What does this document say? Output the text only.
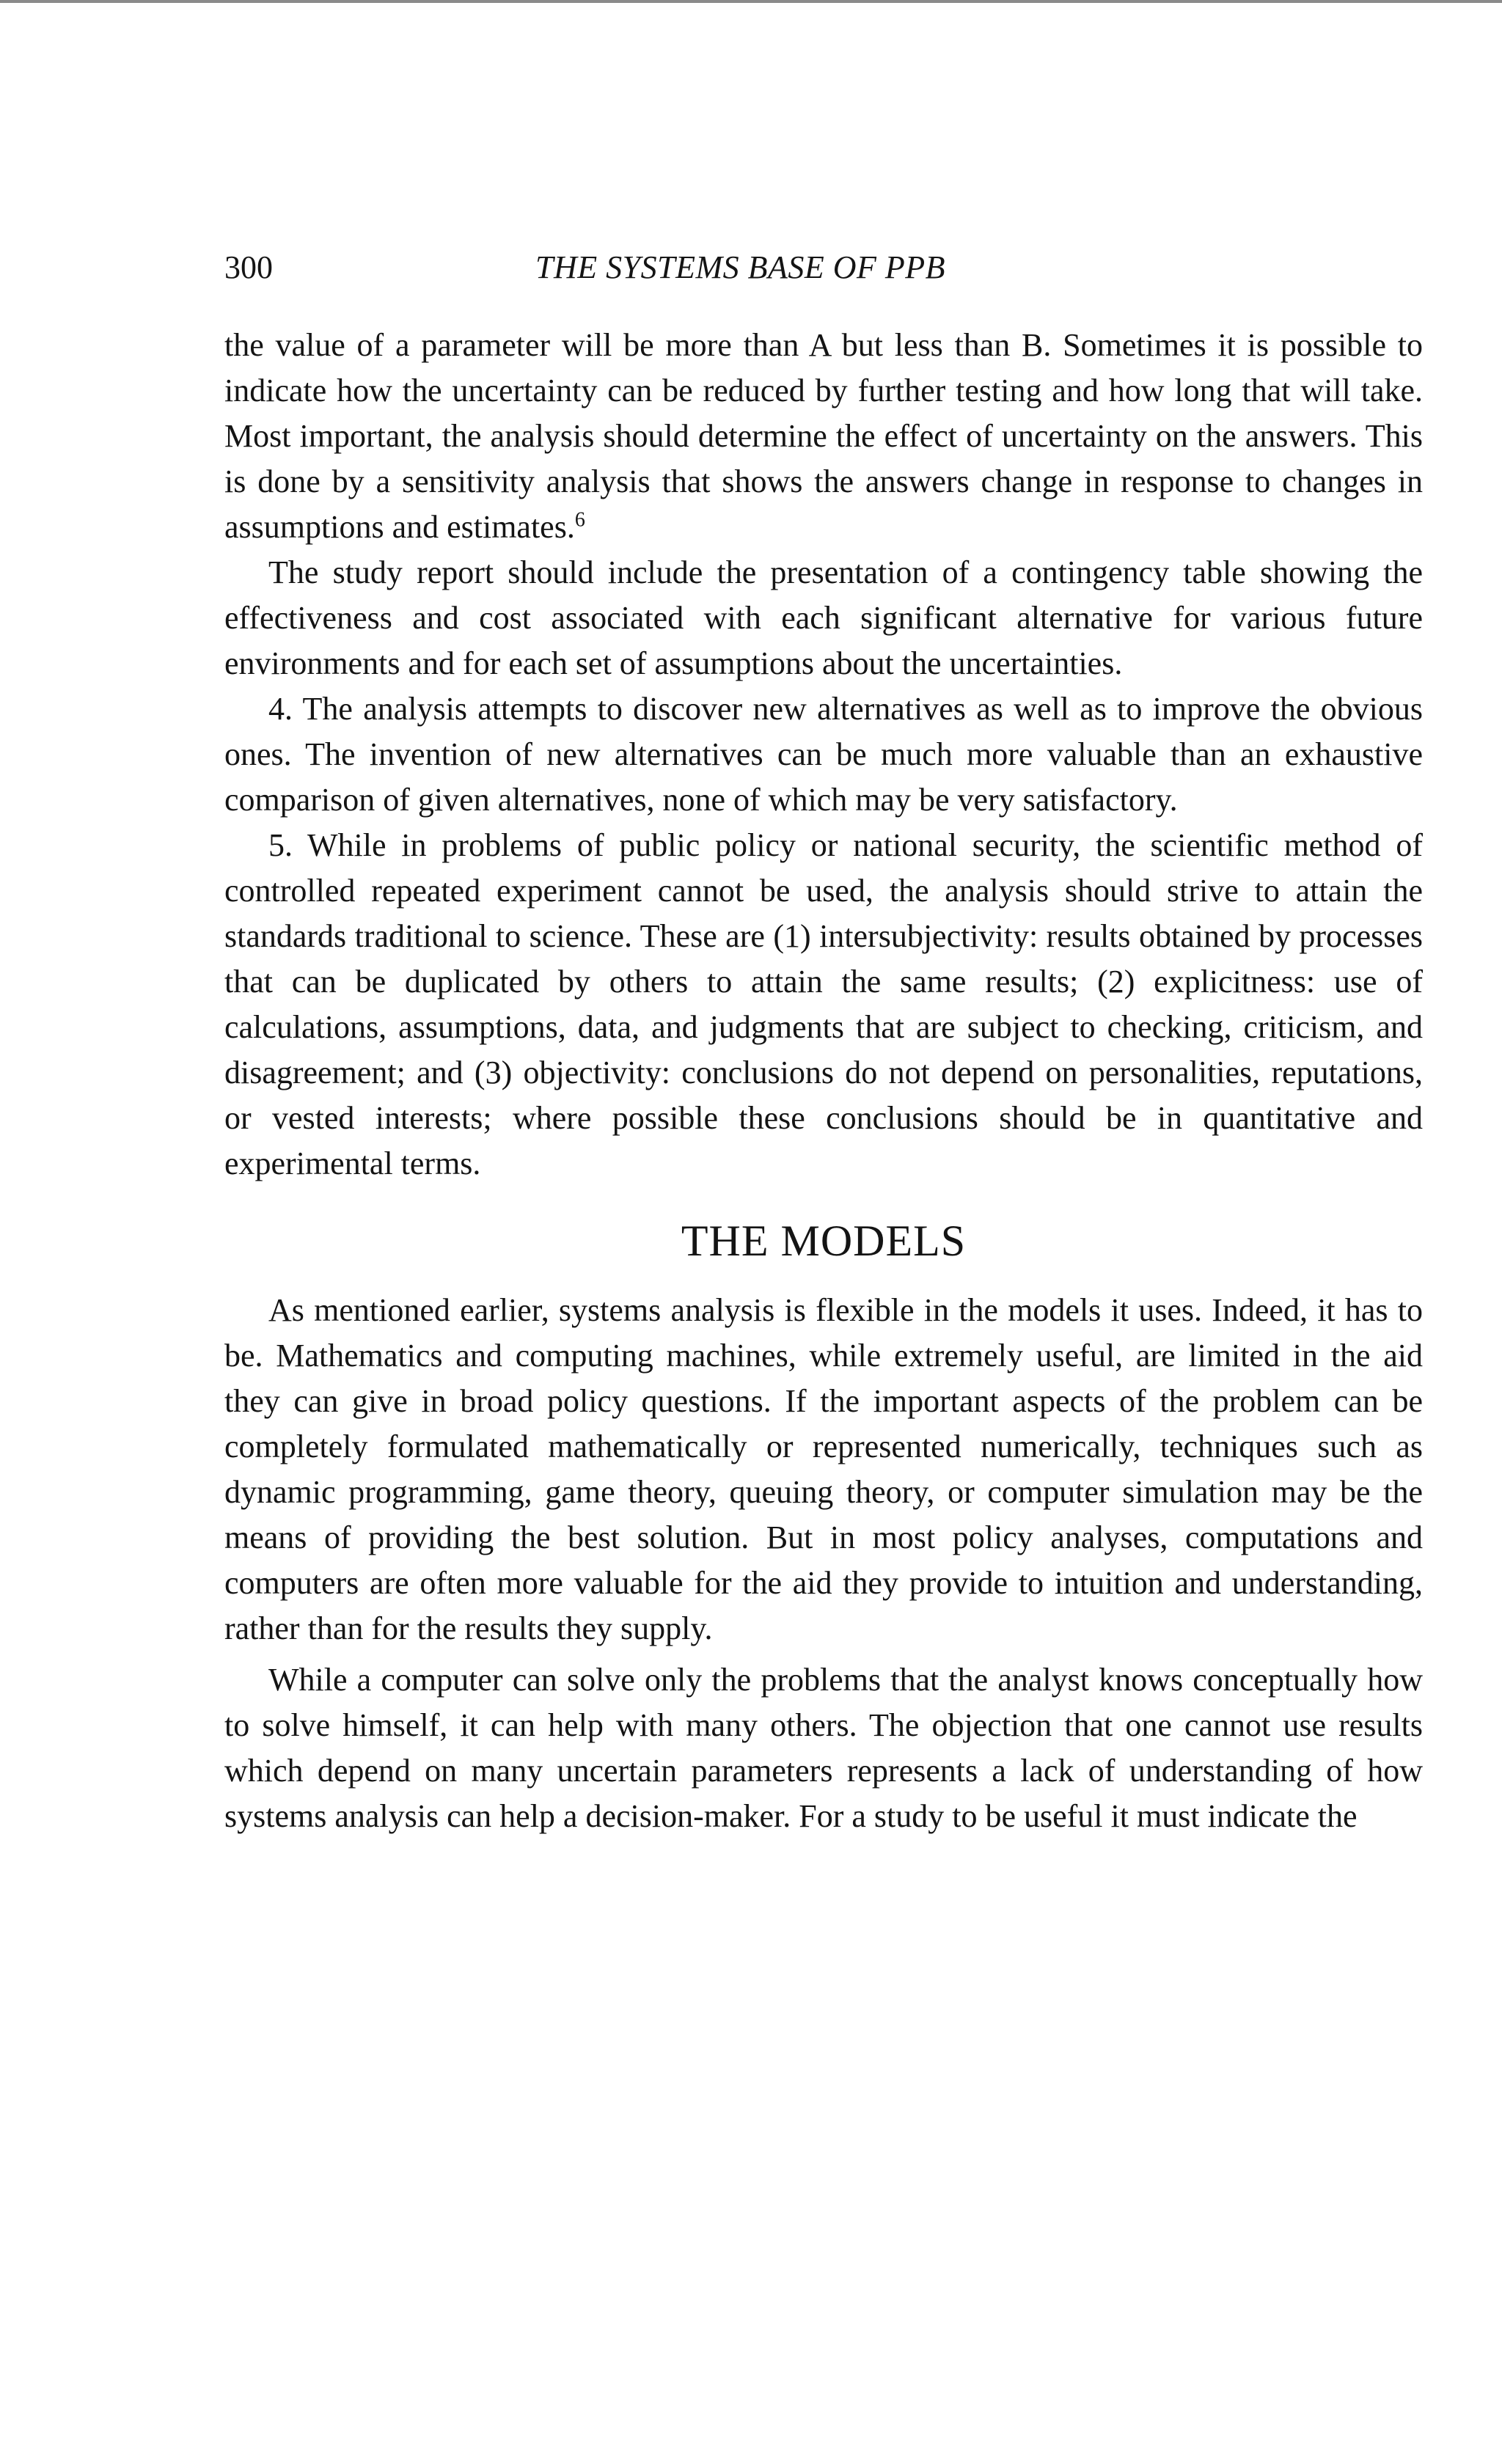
300	THE SYSTEMS BASE OF PPB

the value of a parameter will be more than A but less than B. Sometimes it is possible to indicate how the uncertainty can be reduced by further testing and how long that will take. Most important, the analysis should determine the effect of uncertainty on the answers. This is done by a sensitivity analysis that shows the answers change in response to changes in assumptions and estimates.$^6$

The study report should include the presentation of a contingency table showing the effectiveness and cost associated with each significant alternative for various future environments and for each set of assumptions about the uncertainties.

4. The analysis attempts to discover new alternatives as well as to improve the obvious ones. The invention of new alternatives can be much more valuable than an exhaustive comparison of given alternatives, none of which may be very satisfactory.

5. While in problems of public policy or national security, the scientific method of controlled repeated experiment cannot be used, the analysis should strive to attain the standards traditional to science. These are (1) intersubjectivity: results obtained by processes that can be duplicated by others to attain the same results; (2) explicitness: use of calculations, assumptions, data, and judgments that are subject to checking, criticism, and disagreement; and (3) objectivity: conclusions do not depend on personalities, reputations, or vested interests; where possible these conclusions should be in quantitative and experimental terms.

THE MODELS

As mentioned earlier, systems analysis is flexible in the models it uses. Indeed, it has to be. Mathematics and computing machines, while extremely useful, are limited in the aid they can give in broad policy questions. If the important aspects of the problem can be completely formulated mathematically or represented numerically, techniques such as dynamic programming, game theory, queuing theory, or computer simulation may be the means of providing the best solution. But in most policy analyses, computations and computers are often more valuable for the aid they provide to intuition and understanding, rather than for the results they supply.

While a computer can solve only the problems that the analyst knows conceptually how to solve himself, it can help with many others. The objection that one cannot use results which depend on many uncertain parameters represents a lack of understanding of how systems analysis can help a decision-maker. For a study to be useful it must indicate the
